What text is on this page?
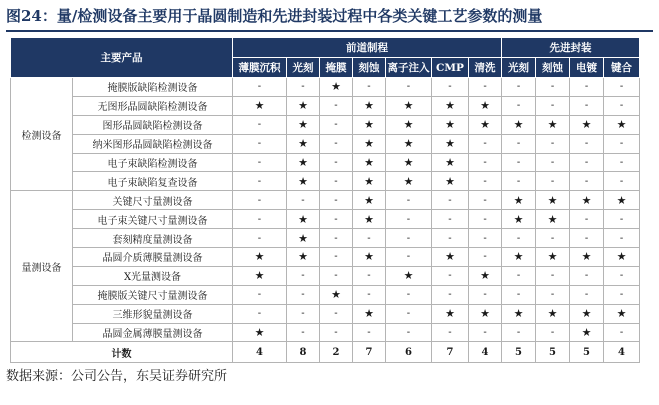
图24：量/检测设备主要用于晶圆制造和先进封装过程中各类关键工艺参数的测量
主要产品		前道制程							先进封装			
		薄膜沉积	光刻	掩膜	刻蚀	离子注入	CMP	清洗	光刻	刻蚀	电镀	键合
检测设备	掩膜版缺陷检测设备	-	-	★	-	-	-	-	-	-	-	-
	无图形晶圆缺陷检测设备	★	★	-	★	★	★	★	-	-	-	-
	图形晶圆缺陷检测设备	-	★	-	★	★	★	★	★	★	★	★
	纳米图形晶圆缺陷检测设备	-	★	-	★	★	★	-	-	-	-	-
	电子束缺陷检测设备	-	★	-	★	★	★	-	-	-	-	-
	电子束缺陷复查设备	-	★	-	★	★	★	-	-	-	-	-
量测设备	关键尺寸量测设备	-	-	-	★	-	-	-	★	★	★	★
	电子束关键尺寸量测设备	-	★	-	★	-	-	-	★	★	-	-
	套刻精度量测设备	-	★	-	-	-	-	-	-	-	-	-
	晶圆介质薄膜量测设备	★	★	-	★	-	★	-	★	★	★	★
	X光量测设备	★	-	-	-	★	-	★	-	-	-	-
	掩膜版关键尺寸量测设备	-	-	★	-	-	-	-	-	-	-	-
	三维形貌量测设备	-	-	-	★	-	★	★	★	★	★	★
	晶圆金属薄膜量测设备	★	-	-	-	-	-	-	-	-	★	-
计数		4	8	2	7	6	7	4	5	5	5	4
数据来源：公司公告，东吴证券研究所
